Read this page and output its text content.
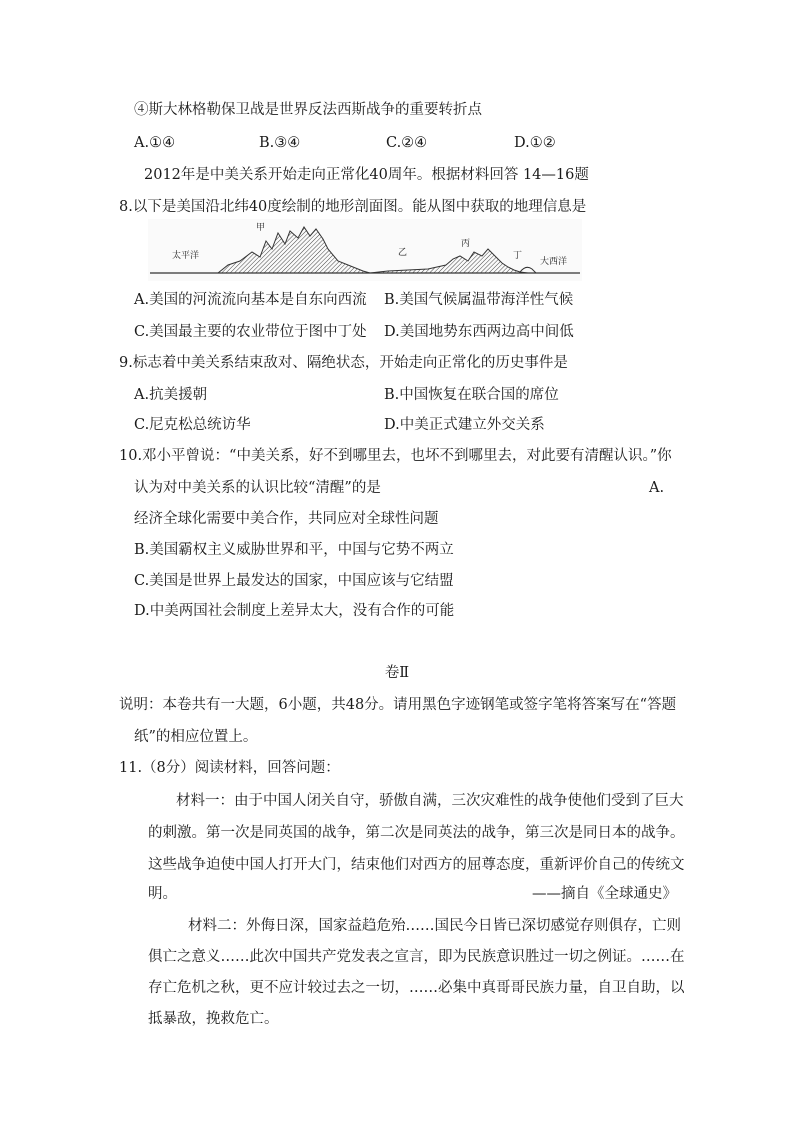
④斯大林格勒保卫战是世界反法西斯战争的重要转折点
A.①④	B.③④	C.②④	D.①②
2012年是中美关系开始走向正常化40周年。根据材料回答 14—16题
8.以下是美国沿北纬40度绘制的地形剖面图。能从图中获取的地理信息是
太平洋
甲
乙
丙
丁
大西洋
A.美国的河流流向基本是自东向西流 B.美国气候属温带海洋性气候
C.美国最主要的农业带位于图中丁处 D.美国地势东西两边高中间低
9.标志着中美关系结束敌对、隔绝状态，开始走向正常化的历史事件是
A.抗美援朝	B.中国恢复在联合国的席位
C.尼克松总统访华	D.中美正式建立外交关系
10.邓小平曾说：“中美关系，好不到哪里去，也坏不到哪里去，对此要有清醒认识。”你
认为对中美关系的认识比较“清醒”的是	A.
经济全球化需要中美合作，共同应对全球性问题
B.美国霸权主义威胁世界和平，中国与它势不两立
C.美国是世界上最发达的国家，中国应该与它结盟
D.中美两国社会制度上差异太大，没有合作的可能
卷Ⅱ
说明：本卷共有一大题，6小题，共48分。请用黑色字迹钢笔或签字笔将答案写在“答题
纸”的相应位置上。
11.（8分）阅读材料，回答问题：
材料一：由于中国人闭关自守，骄傲自满，三次灾难性的战争使他们受到了巨大
的刺激。第一次是同英国的战争，第二次是同英法的战争，第三次是同日本的战争。
这些战争迫使中国人打开大门，结束他们对西方的屈尊态度，重新评价自己的传统文
明。	——摘自《全球通史》
材料二：外侮日深，国家益趋危殆……国民今日皆已深切感觉存则俱存，亡则
俱亡之意义……此次中国共产党发表之宣言，即为民族意识胜过一切之例证。……在
存亡危机之秋，更不应计较过去之一切，……必集中真哥哥民族力量，自卫自助，以
抵暴敌，挽救危亡。
